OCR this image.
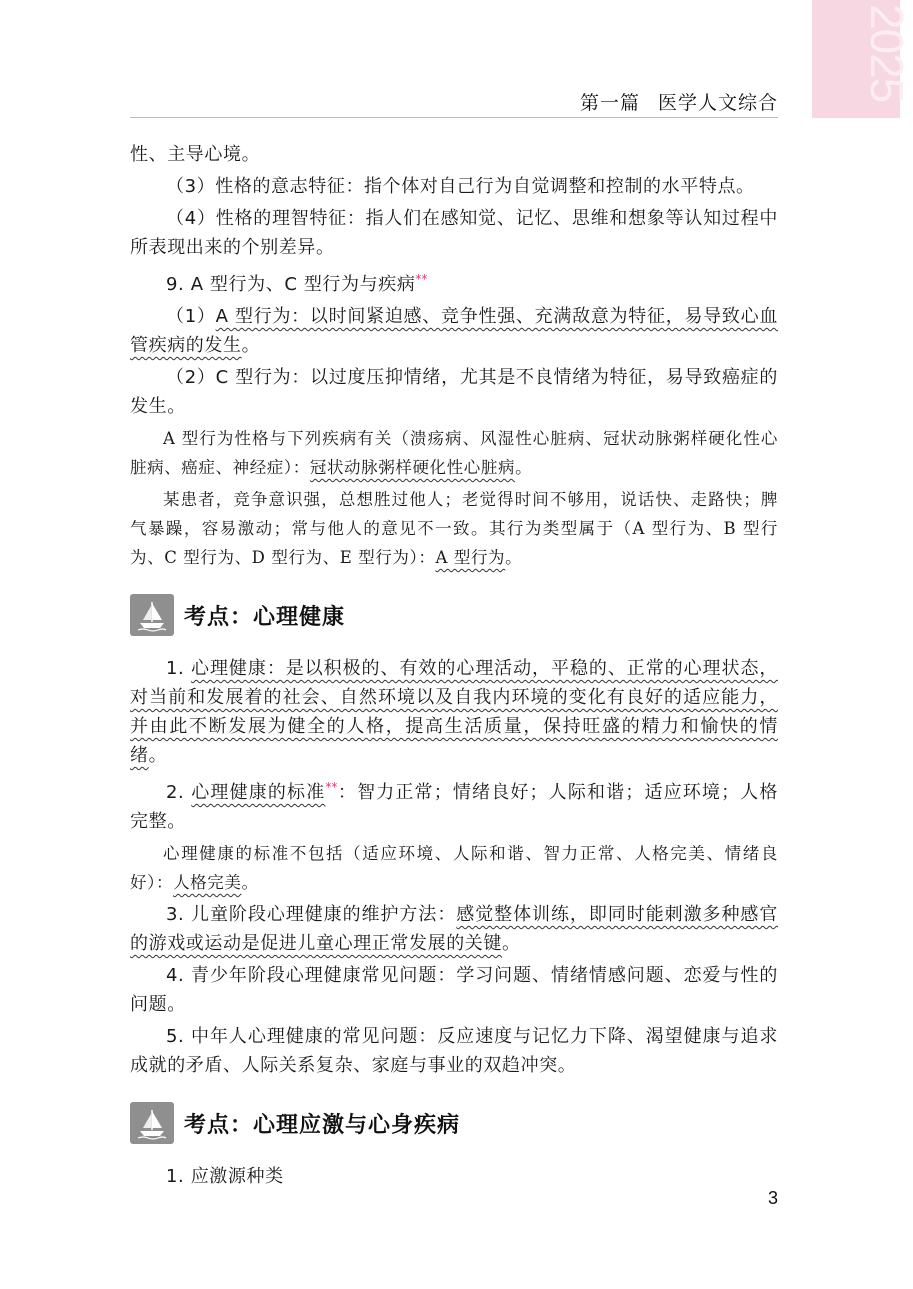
2025
第一篇 医学人文综合

性、主导心境。

（3）性格的意志特征：指个体对自己行为自觉调整和控制的水平特点。

（4）性格的理智特征：指人们在感知觉、记忆、思维和想象等认知过程中所表现出来的个别差异。

9. A 型行为、C 型行为与疾病**

（1）A 型行为：以时间紧迫感、竞争性强、充满敌意为特征，易导致心血管疾病的发生。

（2）C 型行为：以过度压抑情绪，尤其是不良情绪为特征，易导致癌症的发生。

A 型行为性格与下列疾病有关（溃疡病、风湿性心脏病、冠状动脉粥样硬化性心脏病、癌症、神经症）：冠状动脉粥样硬化性心脏病。

某患者，竞争意识强，总想胜过他人；老觉得时间不够用，说话快、走路快；脾气暴躁，容易激动；常与他人的意见不一致。其行为类型属于（A 型行为、B 型行为、C 型行为、D 型行为、E 型行为）：A 型行为。

考点：心理健康

1. 心理健康：是以积极的、有效的心理活动，平稳的、正常的心理状态，对当前和发展着的社会、自然环境以及自我内环境的变化有良好的适应能力，并由此不断发展为健全的人格，提高生活质量，保持旺盛的精力和愉快的情绪。

2. 心理健康的标准**：智力正常；情绪良好；人际和谐；适应环境；人格完整。

心理健康的标准不包括（适应环境、人际和谐、智力正常、人格完美、情绪良好）：人格完美。

3. 儿童阶段心理健康的维护方法：感觉整体训练，即同时能刺激多种感官的游戏或运动是促进儿童心理正常发展的关键。

4. 青少年阶段心理健康常见问题：学习问题、情绪情感问题、恋爱与性的问题。

5. 中年人心理健康的常见问题：反应速度与记忆力下降、渴望健康与追求成就的矛盾、人际关系复杂、家庭与事业的双趋冲突。

考点：心理应激与心身疾病

1. 应激源种类

3
